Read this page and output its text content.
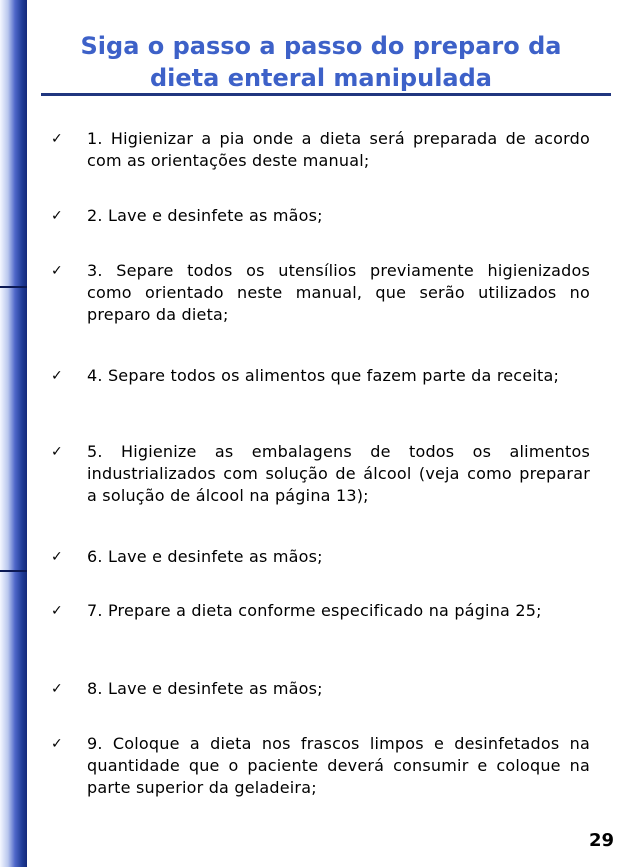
Siga o passo a passo do preparo da
dieta enteral manipulada
✓ 1. Higienizar a pia onde a dieta será preparada de acordo com as orientações deste manual;
✓ 2. Lave e desinfete as mãos;
✓ 3. Separe todos os utensílios previamente higienizados como orientado neste manual, que serão utilizados no preparo da dieta;
✓ 4. Separe todos os alimentos que fazem parte da receita;
✓ 5. Higienize as embalagens de todos os alimentos industrializados com solução de álcool (veja como preparar a solução de álcool na página 13);
✓ 6. Lave e desinfete as mãos;
✓ 7. Prepare a dieta conforme especificado na página 25;
✓ 8. Lave e desinfete as mãos;
✓ 9. Coloque a dieta nos frascos limpos e desinfetados na quantidade que o paciente deverá consumir e coloque na parte superior da geladeira;
29
